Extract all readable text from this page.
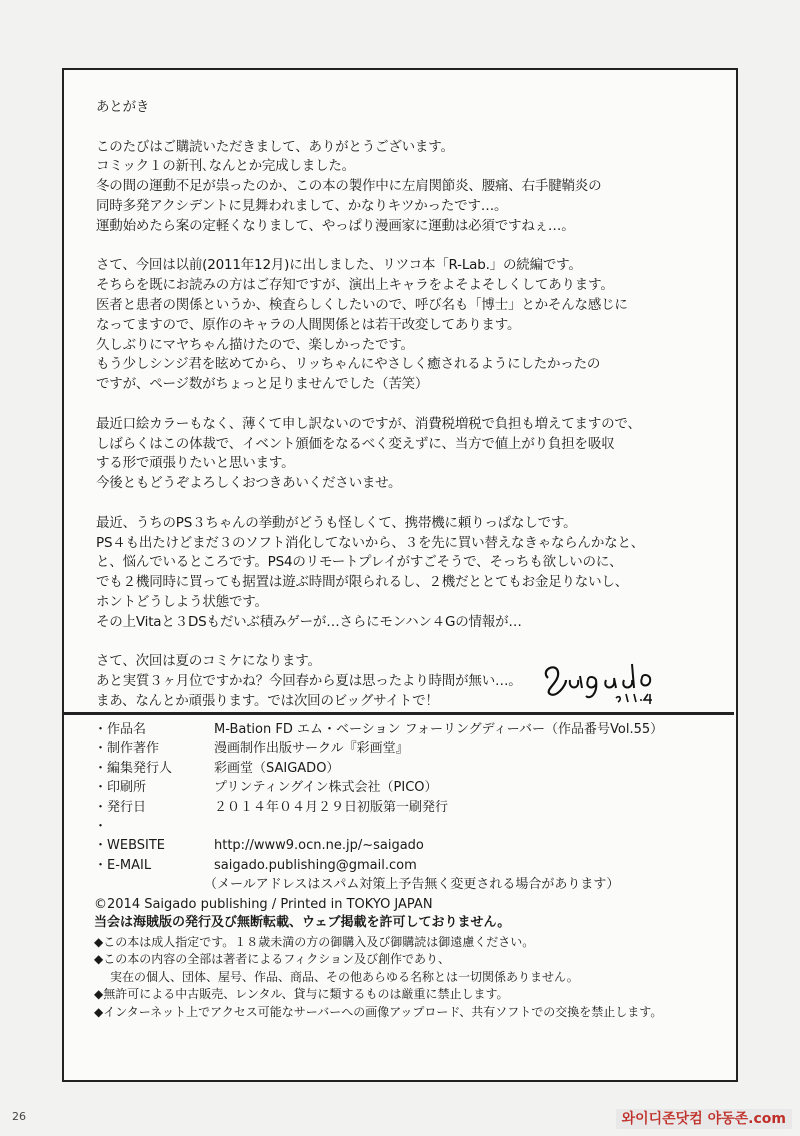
あとがき
このたびはご購読いただきまして、ありがとうございます。
コミック１の新刊､なんとか完成しました。
冬の間の運動不足が祟ったのか、この本の製作中に左肩関節炎、腰痛、右手腱鞘炎の
同時多発アクシデントに見舞われまして、かなりキツかったです…。
運動始めたら案の定軽くなりまして、やっぱり漫画家に運動は必須ですねぇ…。
さて、今回は以前(2011年12月)に出しました、リツコ本「R-Lab.」の続編です。
そちらを既にお読みの方はご存知ですが、演出上キャラをよそよそしくしてあります。
医者と患者の関係というか、検査らしくしたいので、呼び名も「博士」とかそんな感じに
なってますので、原作のキャラの人間関係とは若干改変してあります。
久しぶりにマヤちゃん描けたので、楽しかったです。
もう少しシンジ君を眩めてから、リッちゃんにやさしく癒されるようにしたかったの
ですが、ページ数がちょっと足りませんでした（苦笑）
最近口絵カラーもなく、薄くて申し訳ないのですが、消費税増税で負担も増えてますので、
しばらくはこの体裁で、イベント頒価をなるべく変えずに、当方で値上がり負担を吸収
する形で頑張りたいと思います。
今後ともどうぞよろしくおつきあいくださいませ。
最近、うちのPS３ちゃんの挙動がどうも怪しくて、携帯機に頼りっぱなしです。
PS４も出たけどまだ３のソフト消化してないから、３を先に買い替えなきゃならんかなと、
と、悩んでいるところです。PS4のリモートプレイがすごそうで、そっちも欲しいのに、
でも２機同時に買っても据置は遊ぶ時間が限られるし、２機だととてもお金足りないし、
ホントどうしよう状態です。
その上Vitaと３DSもだいぶ積みゲーが…さらにモンハン４Gの情報が…
さて、次回は夏のコミケになります。
あと実質３ヶ月位ですかね？今回春から夏は思ったより時間が無い…。
まあ、なんとか頑張ります。では次回のビッグサイトで！
・作品名	M-Bation FD エム・ベーション フォーリングディーバー（作品番号Vol.55）
・制作著作	漫画制作出版サークル『彩画堂』
・編集発行人	彩画堂（SAIGADO）
・印刷所	プリンティングイン株式会社（PICO）
・発行日	２０１４年０４月２９日初版第一刷発行
・
・WEBSITE	http://www9.ocn.ne.jp/~saigado
・E-MAIL	saigado.publishing@gmail.com
（メールアドレスはスパム対策上予告無く変更される場合があります）
©2014 Saigado publishing / Printed in TOKYO JAPAN
当会は海賊版の発行及び無断転載、ウェブ掲載を許可しておりません。
◆この本は成人指定です。１８歳未満の方の御購入及び御購読は御遠慮ください。
◆この本の内容の全部は著者によるフィクション及び創作であり、
実在の個人、団体、屋号、作品、商品、その他あらゆる名称とは一切関係ありません。
◆無許可による中古販売、レンタル、貸与に類するものは厳重に禁止します。
◆インターネット上でアクセス可能なサーバーへの画像アップロード、共有ソフトでの交換を禁止します。
26	와이디존닷컴 야동존.com
